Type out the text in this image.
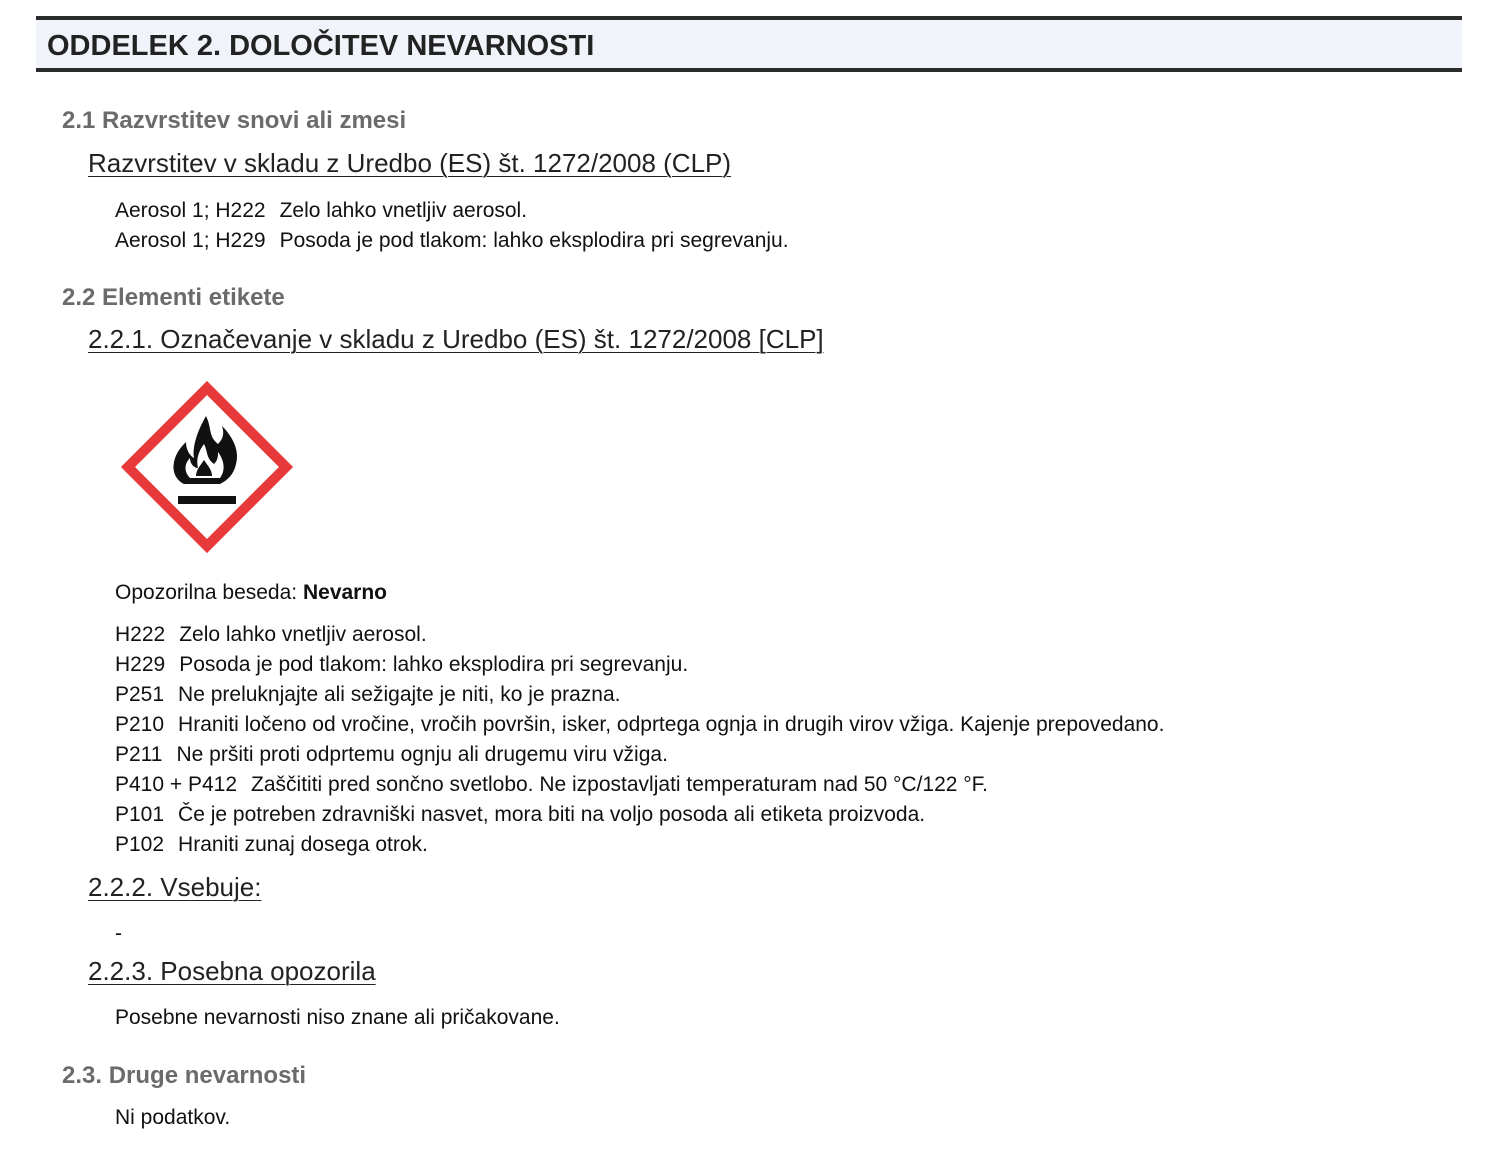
ODDELEK 2. DOLOČITEV NEVARNOSTI
2.1 Razvrstitev snovi ali zmesi
Razvrstitev v skladu z Uredbo (ES) št. 1272/2008 (CLP)
Aerosol 1; H222 Zelo lahko vnetljiv aerosol.
Aerosol 1; H229 Posoda je pod tlakom: lahko eksplodira pri segrevanju.
2.2 Elementi etikete
2.2.1. Označevanje v skladu z Uredbo (ES) št. 1272/2008 [CLP]
Opozorilna beseda: Nevarno
H222 Zelo lahko vnetljiv aerosol.
H229 Posoda je pod tlakom: lahko eksplodira pri segrevanju.
P251 Ne preluknjajte ali sežigajte je niti, ko je prazna.
P210 Hraniti ločeno od vročine, vročih površin, isker, odprtega ognja in drugih virov vžiga. Kajenje prepovedano.
P211 Ne pršiti proti odprtemu ognju ali drugemu viru vžiga.
P410 + P412 Zaščititi pred sončno svetlobo. Ne izpostavljati temperaturam nad 50 °C/122 °F.
P101 Če je potreben zdravniški nasvet, mora biti na voljo posoda ali etiketa proizvoda.
P102 Hraniti zunaj dosega otrok.
2.2.2. Vsebuje:
-
2.2.3. Posebna opozorila
Posebne nevarnosti niso znane ali pričakovane.
2.3. Druge nevarnosti
Ni podatkov.
